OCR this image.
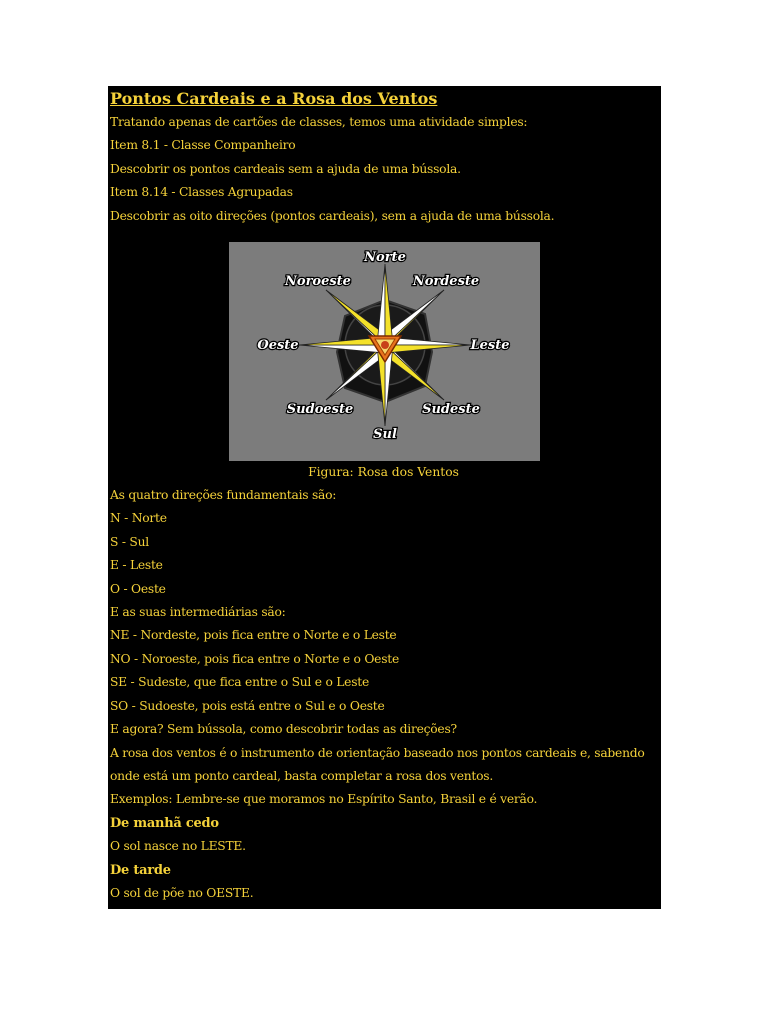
Pontos Cardeais e a Rosa dos Ventos
Tratando apenas de cartões de classes, temos uma atividade simples:
Item 8.1 - Classe Companheiro
Descobrir os pontos cardeais sem a ajuda de uma bússola.
Item 8.14 - Classes Agrupadas
Descobrir as oito direções (pontos cardeais), sem a ajuda de uma bússola.
Norte
Nordeste
Leste
Sudeste
Sul
Sudoeste
Oeste
Noroeste
Figura: Rosa dos Ventos
As quatro direções fundamentais são:
N - Norte
S - Sul
E - Leste
O - Oeste
E as suas intermediárias são:
NE - Nordeste, pois fica entre o Norte e o Leste
NO - Noroeste, pois fica entre o Norte e o Oeste
SE - Sudeste, que fica entre o Sul e o Leste
SO - Sudoeste, pois está entre o Sul e o Oeste
E agora? Sem bússola, como descobrir todas as direções?
A rosa dos ventos é o instrumento de orientação baseado nos pontos cardeais e, sabendo onde está um ponto cardeal, basta completar a rosa dos ventos.
Exemplos: Lembre-se que moramos no Espírito Santo, Brasil e é verão.
De manhã cedo
O sol nasce no LESTE.
De tarde
O sol de põe no OESTE.
